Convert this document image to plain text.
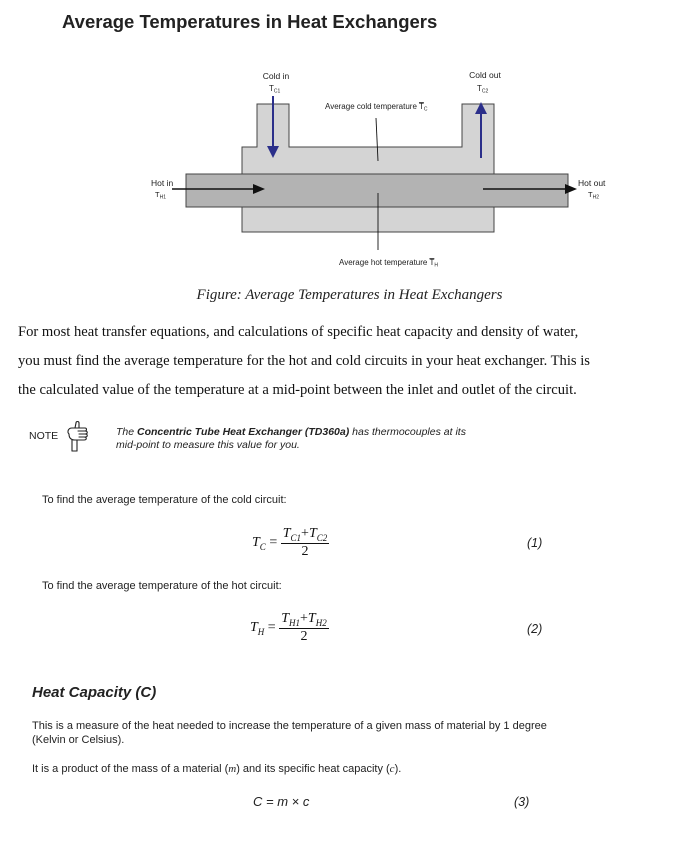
Average Temperatures in Heat Exchangers
Cold in
TC1
Cold out
TC2
Average cold temperature TC
Hot in
$T_{H1}$
Hot out
$T_{H2}$
Average hot temperature TH
Figure: Average Temperatures in Heat Exchangers
For most heat transfer equations, and calculations of specific heat capacity and density of water,
you must find the average temperature for the hot and cold circuits in your heat exchanger. This is
the calculated value of the temperature at a mid-point between the inlet and outlet of the circuit.
NOTE	The Concentric Tube Heat Exchanger (TD360a) has thermocouples at its
mid-point to measure this value for you.
To find the average temperature of the cold circuit:
$T_C = \frac{T_{C1}+T_{C2}}{2}$	(1)
To find the average temperature of the hot circuit:
$T_H = \frac{T_{H1}+T_{H2}}{2}$	(2)
Heat Capacity (C)
This is a measure of the heat needed to increase the temperature of a given mass of material by 1 degree
(Kelvin or Celsius).
It is a product of the mass of a material (m) and its specific heat capacity (c).
C = m × c	(3)
